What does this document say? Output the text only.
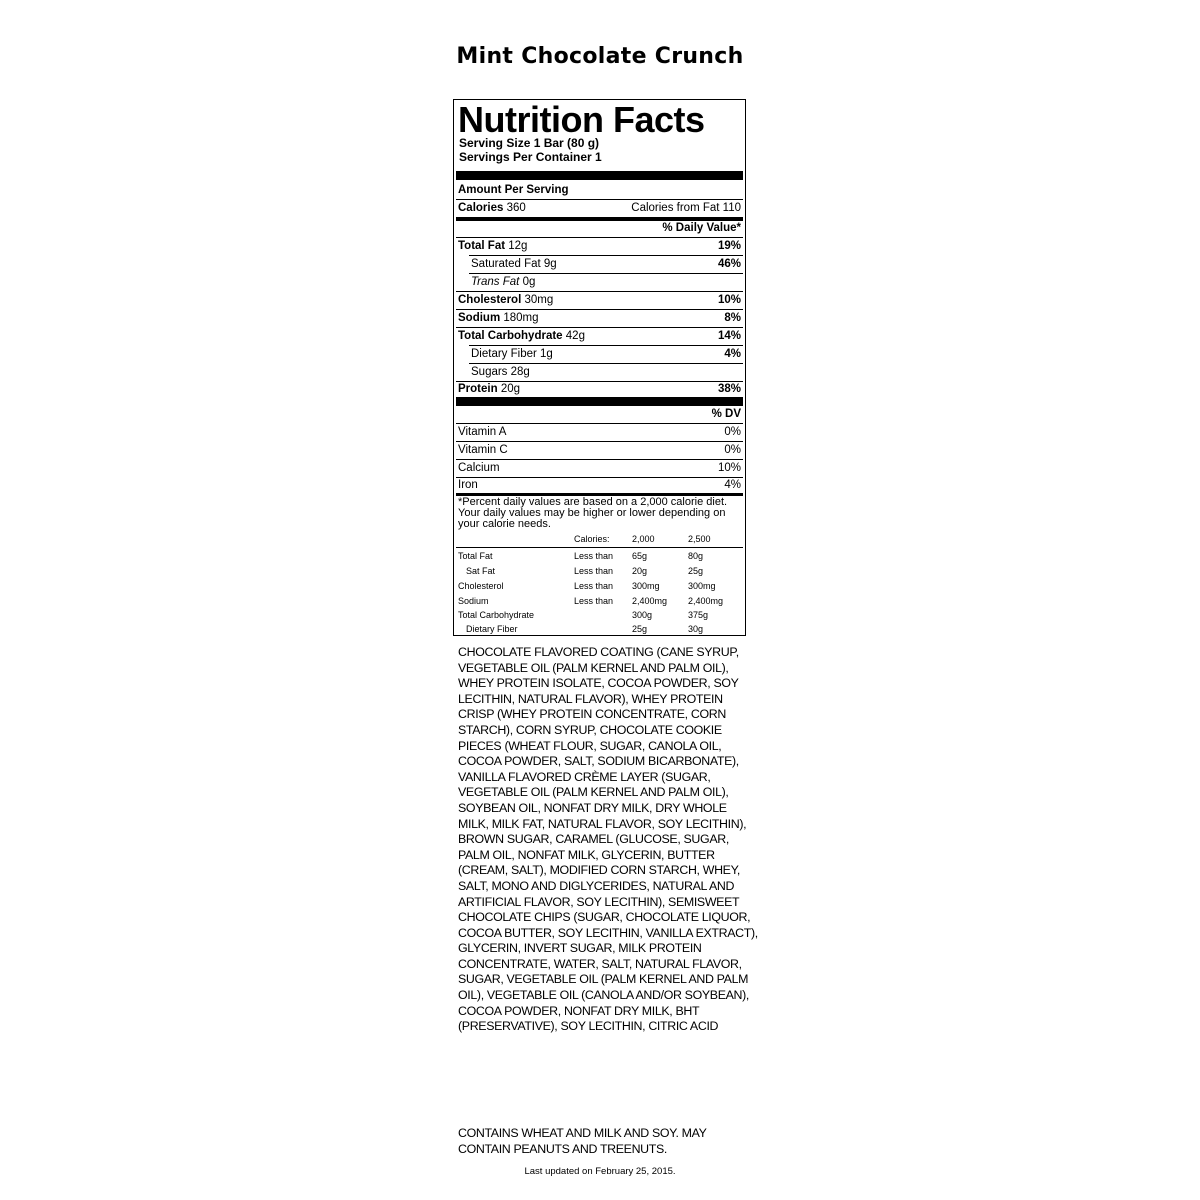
Mint Chocolate Crunch
Nutrition Facts
Serving Size 1 Bar (80 g)
Servings Per Container 1
Amount Per Serving
Calories 360	Calories from Fat 110
% Daily Value*
Total Fat 12g	19%
Saturated Fat 9g	46%
Trans Fat 0g
Cholesterol 30mg	10%
Sodium 180mg	8%
Total Carbohydrate 42g	14%
Dietary Fiber 1g	4%
Sugars 28g
Protein 20g	38%
% DV
Vitamin A	0%
Vitamin C	0%
Calcium	10%
Iron	4%
*Percent daily values are based on a 2,000 calorie diet. Your daily values may be higher or lower depending on your calorie needs.
Calories: 2,000	2,500
Total Fat	Less than 65g	80g
Sat Fat	Less than 20g	25g
Cholesterol	Less than 300mg	300mg
Sodium	Less than 2,400mg 2,400mg
Total Carbohydrate	300g	375g
Dietary Fiber	25g	30g
CHOCOLATE FLAVORED COATING (CANE SYRUP, VEGETABLE OIL (PALM KERNEL AND PALM OIL), WHEY PROTEIN ISOLATE, COCOA POWDER, SOY LECITHIN, NATURAL FLAVOR), WHEY PROTEIN CRISP (WHEY PROTEIN CONCENTRATE, CORN STARCH), CORN SYRUP, CHOCOLATE COOKIE PIECES (WHEAT FLOUR, SUGAR, CANOLA OIL, COCOA POWDER, SALT, SODIUM BICARBONATE), VANILLA FLAVORED CRÈME LAYER (SUGAR, VEGETABLE OIL (PALM KERNEL AND PALM OIL), SOYBEAN OIL, NONFAT DRY MILK, DRY WHOLE MILK, MILK FAT, NATURAL FLAVOR, SOY LECITHIN), BROWN SUGAR, CARAMEL (GLUCOSE, SUGAR, PALM OIL, NONFAT MILK, GLYCERIN, BUTTER (CREAM, SALT), MODIFIED CORN STARCH, WHEY, SALT, MONO AND DIGLYCERIDES, NATURAL AND ARTIFICIAL FLAVOR, SOY LECITHIN), SEMISWEET CHOCOLATE CHIPS (SUGAR, CHOCOLATE LIQUOR, COCOA BUTTER, SOY LECITHIN, VANILLA EXTRACT), GLYCERIN, INVERT SUGAR, MILK PROTEIN CONCENTRATE, WATER, SALT, NATURAL FLAVOR, SUGAR, VEGETABLE OIL (PALM KERNEL AND PALM OIL), VEGETABLE OIL (CANOLA AND/OR SOYBEAN), COCOA POWDER, NONFAT DRY MILK, BHT (PRESERVATIVE), SOY LECITHIN, CITRIC ACID
CONTAINS WHEAT AND MILK AND SOY. MAY CONTAIN PEANUTS AND TREENUTS.
Last updated on February 25, 2015.
